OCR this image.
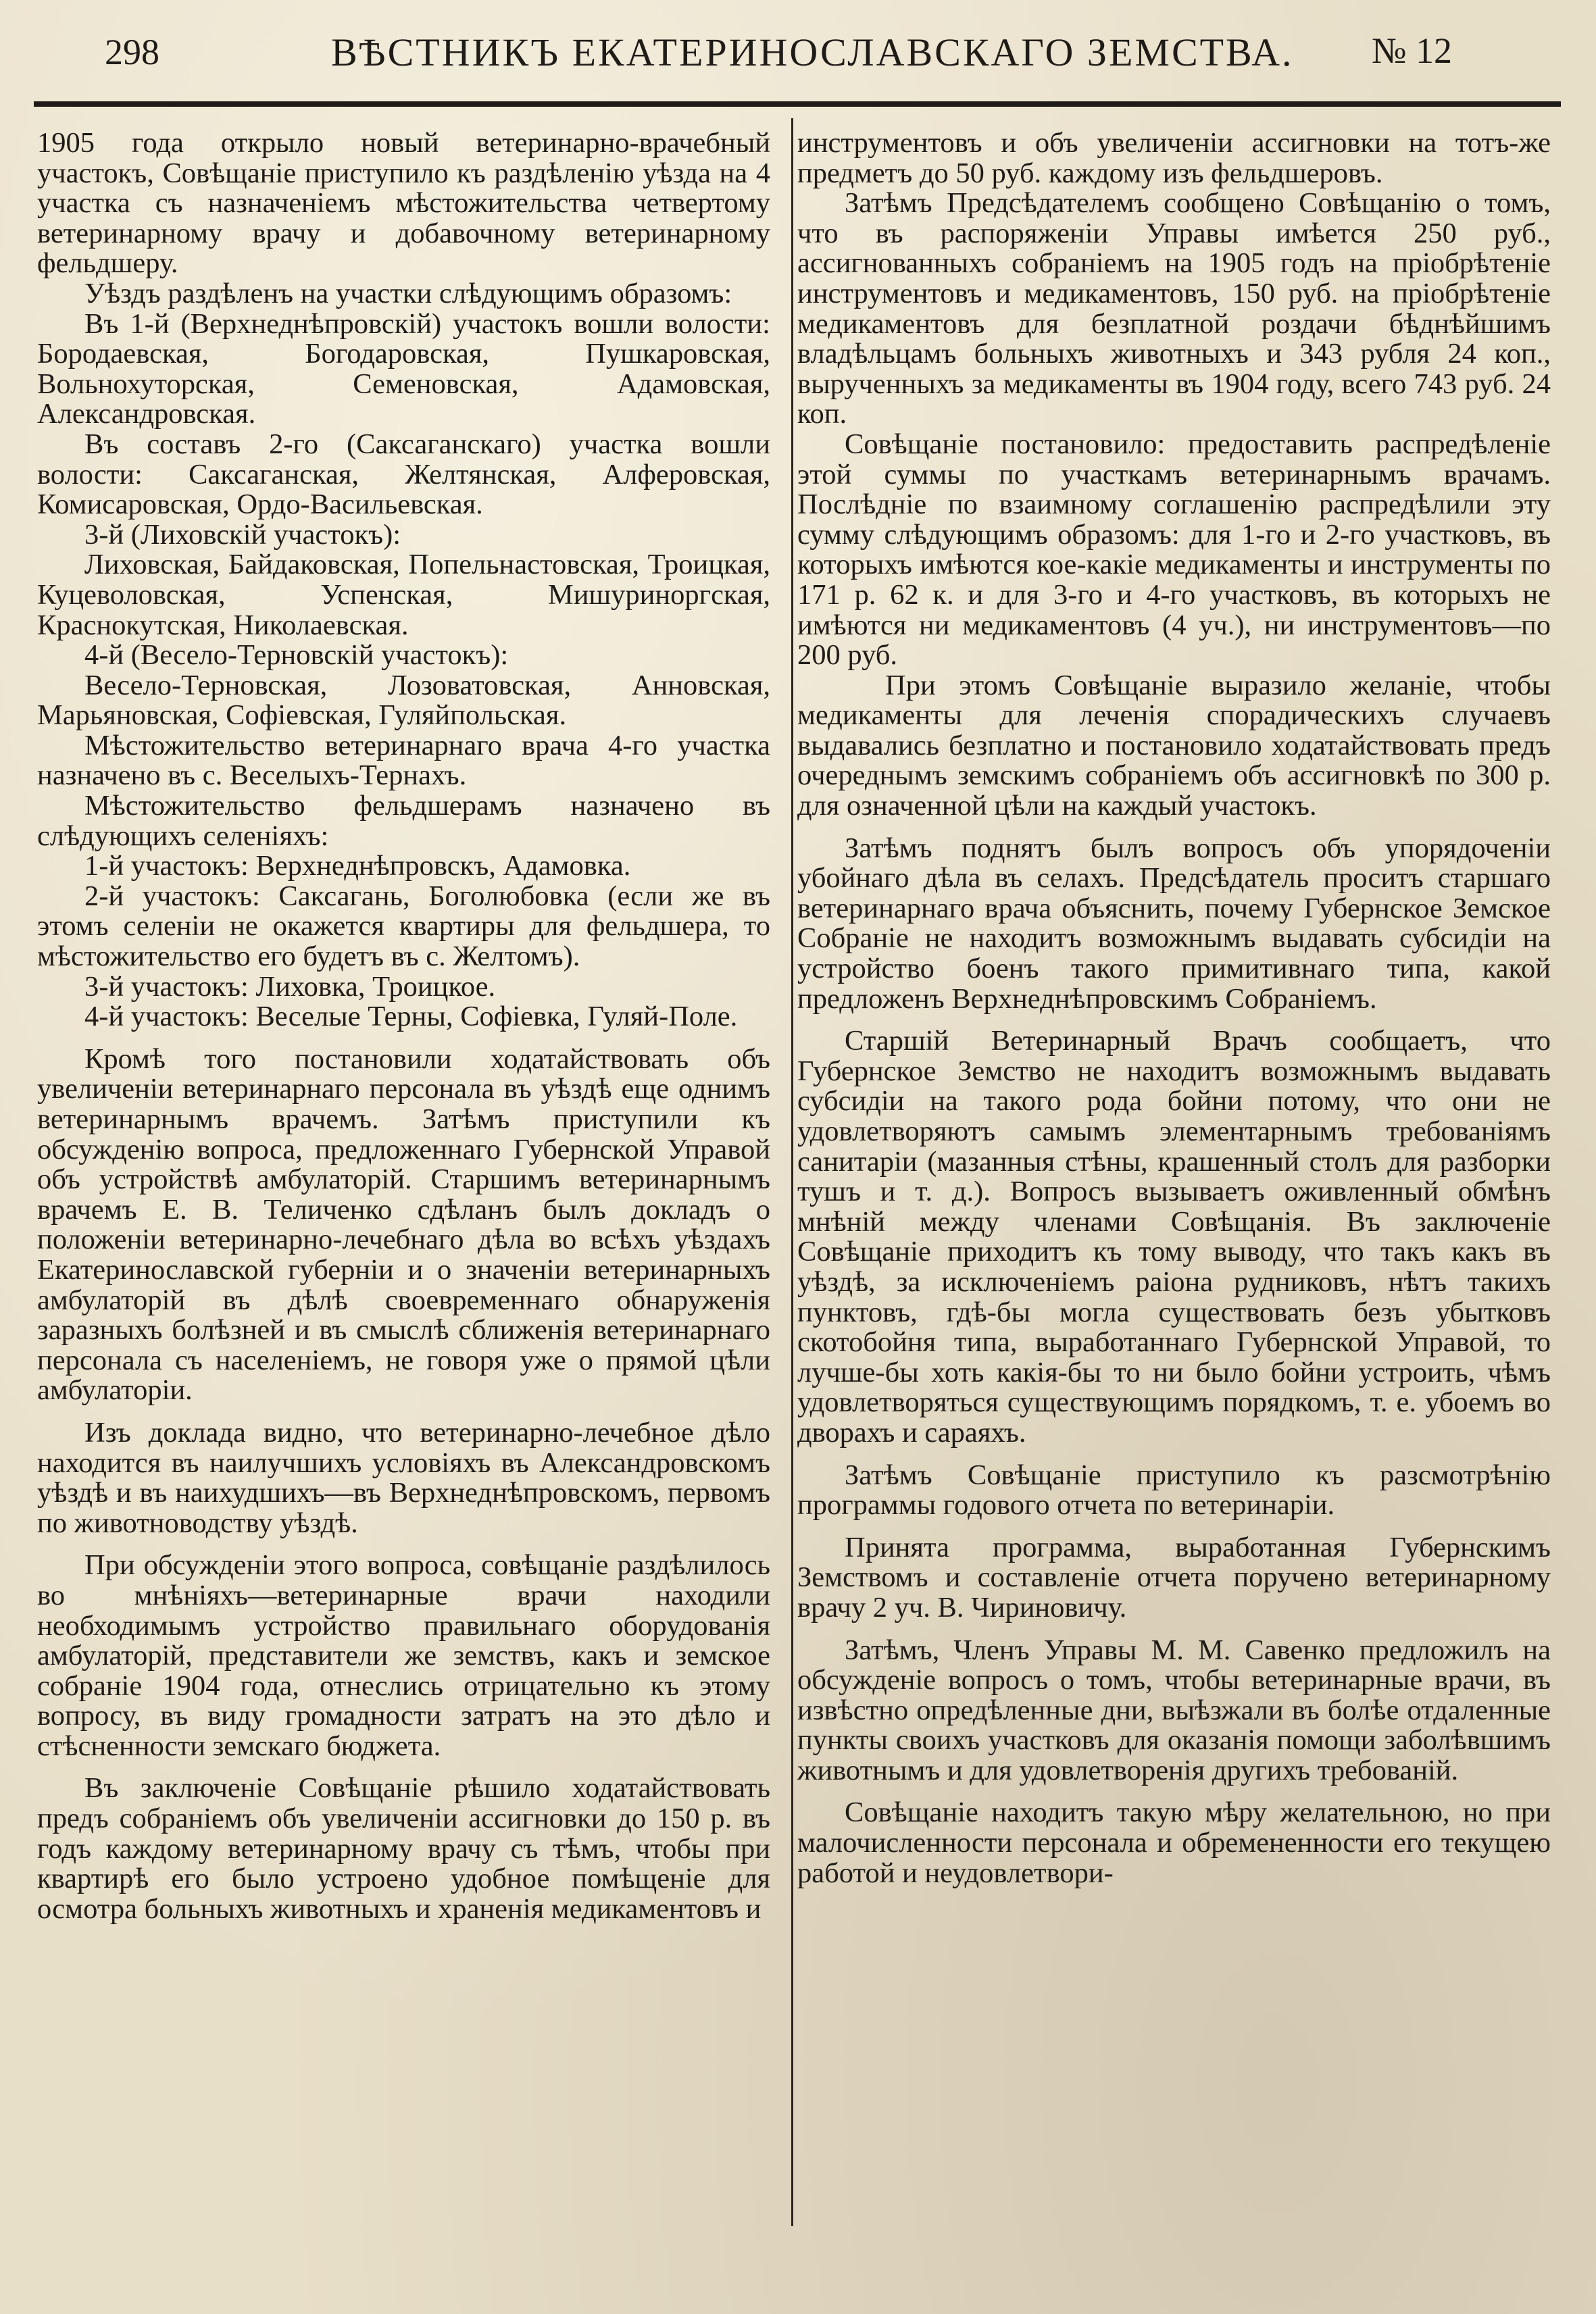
298	ВѢСТНИКЪ ЕКАТЕРИНОСЛАВСКАГО ЗЕМСТВА. № 12

1905 года открыло новый ветеринарно-врачебный участокъ, Совѣщаніе приступило къ раздѣленію уѣзда на 4 участка съ назначеніемъ мѣстожительства четвертому ветеринарному врачу и добавочному ветеринарному фельдшеру.

Уѣздъ раздѣленъ на участки слѣдующимъ образомъ:

Въ 1-й (Верхнеднѣпровскій) участокъ вошли волости: Бородаевская, Богодаровская, Пушкаровская, Вольнохуторская, Семеновская, Адамовская, Александровская.

Въ составъ 2-го (Саксаганскаго) участка вошли волости: Саксаганская, Желтянская, Алферовская, Комисаровская, Ордо-Васильевская.

3-й (Лиховскій участокъ):

Лиховская, Байдаковская, Попельнастовская, Троицкая, Куцеволовская, Успенская, Мишуриноргская, Краснокутская, Николаевская.

4-й (Весело-Терновскій участокъ):

Весело-Терновская, Лозоватовская, Анновская, Марьяновская, Софіевская, Гуляйпольская.

Мѣстожительство ветеринарнаго врача 4-го участка назначено въ с. Веселыхъ-Тернахъ.

Мѣстожительство фельдшерамъ назначено въ слѣдующихъ селеніяхъ:

1-й участокъ: Верхнеднѣпровскъ, Адамовка.

2-й участокъ: Саксагань, Боголюбовка (если же въ этомъ селеніи не окажется квартиры для фельдшера, то мѣстожительство его будетъ въ с. Желтомъ).

3-й участокъ: Лиховка, Троицкое.

4-й участокъ: Веселые Терны, Софіевка, Гуляй-Поле.

Кромѣ того постановили ходатайствовать объ увеличеніи ветеринарнаго персонала въ уѣздѣ еще однимъ ветеринарнымъ врачемъ. Затѣмъ приступили къ обсужденію вопроса, предложеннаго Губернской Управой объ устройствѣ амбулаторій. Старшимъ ветеринарнымъ врачемъ Е. В. Теличенко сдѣланъ былъ докладъ о положеніи ветеринарно-лечебнаго дѣла во всѣхъ уѣздахъ Екатеринославской губерніи и о значеніи ветеринарныхъ амбулаторій въ дѣлѣ своевременнаго обнаруженія заразныхъ болѣзней и въ смыслѣ сближенія ветеринарнаго персонала съ населеніемъ, не говоря уже о прямой цѣли амбулаторіи.

Изъ доклада видно, что ветеринарно-лечебное дѣло находится въ наилучшихъ условіяхъ въ Александровскомъ уѣздѣ и въ наихудшихъ—въ Верхнеднѣпровскомъ, первомъ по животноводству уѣздѣ.

При обсужденіи этого вопроса, совѣщаніе раздѣлилось во мнѣніяхъ—ветеринарные врачи находили необходимымъ устройство правильнаго оборудованія амбулаторій, представители же земствъ, какъ и земское собраніе 1904 года, отнеслись отрицательно къ этому вопросу, въ виду громадности затратъ на это дѣло и стѣсненности земскаго бюджета.

Въ заключеніе Совѣщаніе рѣшило ходатайствовать предъ собраніемъ объ увеличеніи ассигновки до 150 р. въ годъ каждому ветеринарному врачу съ тѣмъ, чтобы при квартирѣ его было устроено удобное помѣщеніе для осмотра больныхъ животныхъ и храненія медикаментовъ и

инструментовъ и объ увеличеніи ассигновки на тотъ-же предметъ до 50 руб. каждому изъ фельдшеровъ.

Затѣмъ Предсѣдателемъ сообщено Совѣщанію о томъ, что въ распоряженіи Управы имѣется 250 руб., ассигнованныхъ собраніемъ на 1905 годъ на пріобрѣтеніе инструментовъ и медикаментовъ, 150 руб. на пріобрѣтеніе медикаментовъ для безплатной роздачи бѣднѣйшимъ владѣльцамъ больныхъ животныхъ и 343 рубля 24 коп., вырученныхъ за медикаменты въ 1904 году, всего 743 руб. 24 коп.

Совѣщаніе постановило: предоставить распредѣленіе этой суммы по участкамъ ветеринарнымъ врачамъ. Послѣдніе по взаимному соглашенію распредѣлили эту сумму слѣдующимъ образомъ: для 1-го и 2-го участковъ, въ которыхъ имѣются кое-какіе медикаменты и инструменты по 171 р. 62 к. и для 3-го и 4-го участковъ, въ которыхъ не имѣются ни медикаментовъ (4 уч.), ни инструментовъ—по 200 руб.

При этомъ Совѣщаніе выразило желаніе, чтобы медикаменты для леченія спорадическихъ случаевъ выдавались безплатно и постановило ходатайствовать предъ очереднымъ земскимъ собраніемъ объ ассигновкѣ по 300 р. для означенной цѣли на каждый участокъ.

Затѣмъ поднятъ былъ вопросъ объ упорядоченіи убойнаго дѣла въ селахъ. Предсѣдатель проситъ старшаго ветеринарнаго врача объяснить, почему Губернское Земское Собраніе не находитъ возможнымъ выдавать субсидіи на устройство боенъ такого примитивнаго типа, какой предложенъ Верхнеднѣпровскимъ Собраніемъ.

Старшій Ветеринарный Врачъ сообщаетъ, что Губернское Земство не находитъ возможнымъ выдавать субсидіи на такого рода бойни потому, что они не удовлетворяютъ самымъ элементарнымъ требованіямъ санитаріи (мазанныя стѣны, крашенный столъ для разборки тушъ и т. д.). Вопросъ вызываетъ оживленный обмѣнъ мнѣній между членами Совѣщанія. Въ заключеніе Совѣщаніе приходитъ къ тому выводу, что такъ какъ въ уѣздѣ, за исключеніемъ раіона рудниковъ, нѣтъ такихъ пунктовъ, гдѣ-бы могла существовать безъ убытковъ скотобойня типа, выработаннаго Губернской Управой, то лучше-бы хоть какія-бы то ни было бойни устроить, чѣмъ удовлетворяться существующимъ порядкомъ, т. е. убоемъ во дворахъ и сараяхъ.

Затѣмъ Совѣщаніе приступило къ разсмотрѣнію программы годового отчета по ветеринаріи.

Принята программа, выработанная Губернскимъ Земствомъ и составленіе отчета поручено ветеринарному врачу 2 уч. В. Чириновичу.

Затѣмъ, Членъ Управы М. М. Савенко предложилъ на обсужденіе вопросъ о томъ, чтобы ветеринарные врачи, въ извѣстно опредѣленные дни, выѣзжали въ болѣе отдаленные пункты своихъ участковъ для оказанія помощи заболѣвшимъ животнымъ и для удовлетворенія другихъ требованій.

Совѣщаніе находитъ такую мѣру желательною, но при малочисленности персонала и обремененности его текущею работой и неудовлетвори-
